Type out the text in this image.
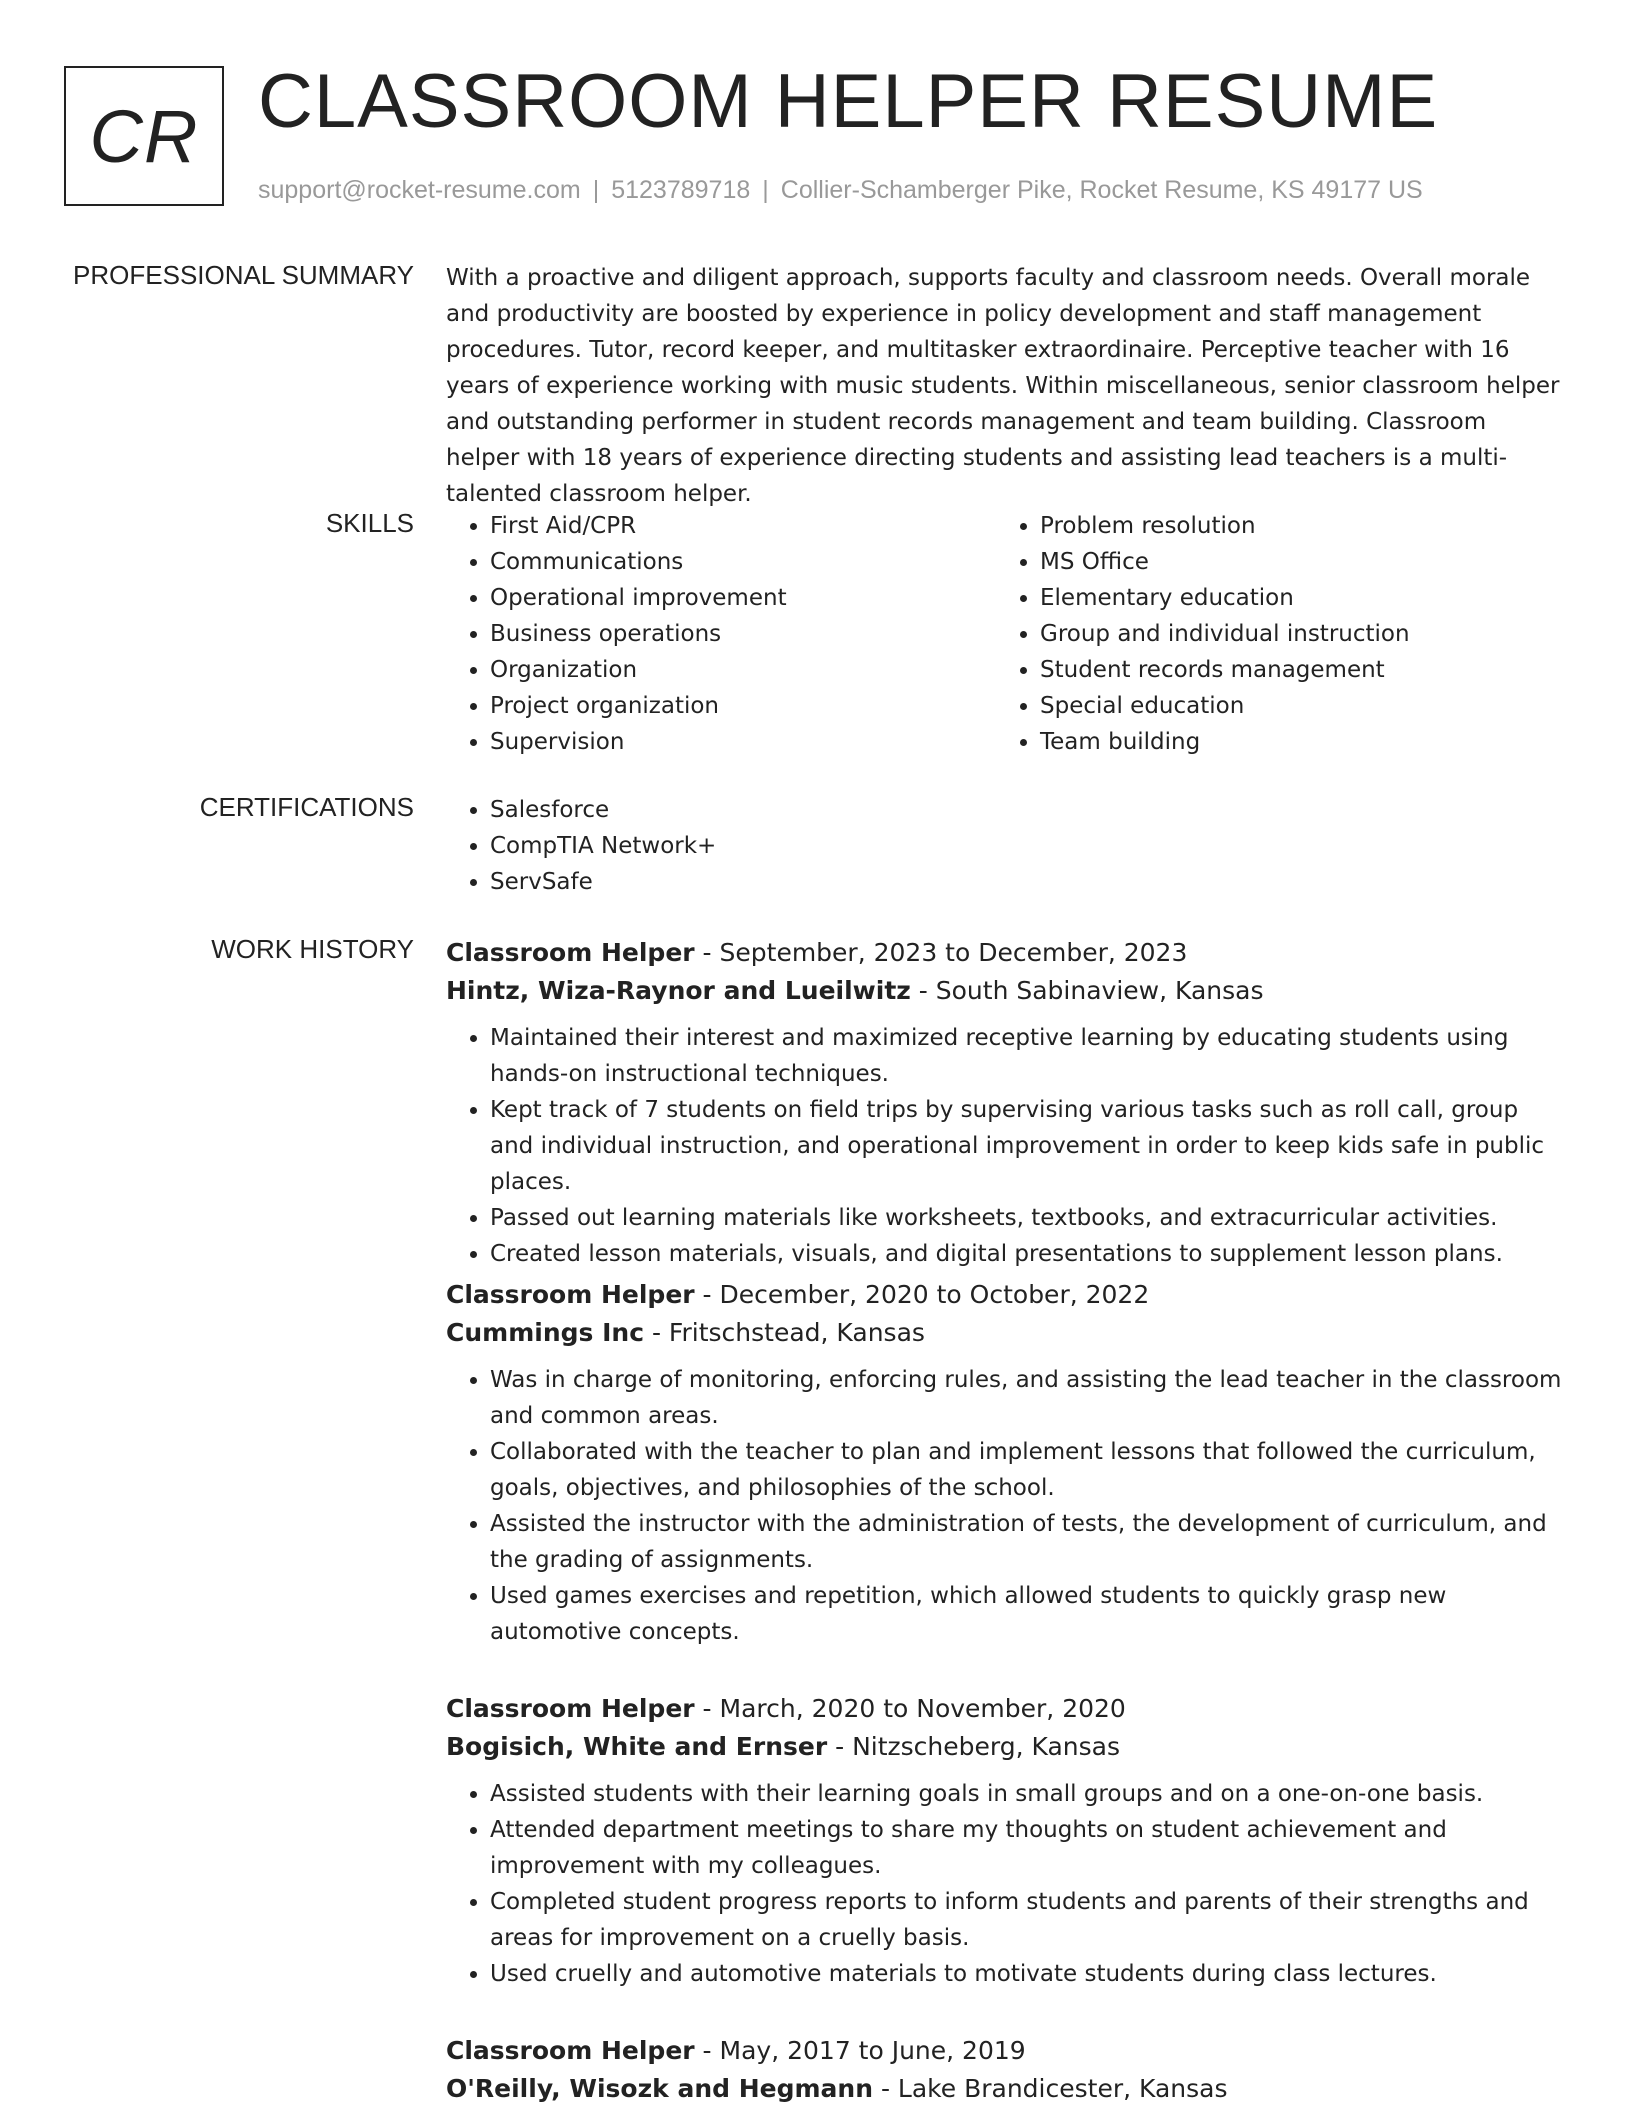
CR CLASSROOM HELPER RESUME
support@rocket-resume.com | 5123789718 | Collier-Schamberger Pike, Rocket Resume, KS 49177 US
PROFESSIONAL SUMMARY With a proactive and diligent approach, supports faculty and classroom needs. Overall morale and productivity are boosted by experience in policy development and staff management procedures. Tutor, record keeper, and multitasker extraordinaire. Perceptive teacher with 16 years of experience working with music students. Within miscellaneous, senior classroom helper and outstanding performer in student records management and team building. Classroom helper with 18 years of experience directing students and assisting lead teachers is a multi-talented classroom helper.

SKILLS	• First Aid/CPR
• Communications
• Operational improvement
• Business operations
• Organization
• Project organization
• Supervision
• Problem resolution
• MS Office
• Elementary education
• Group and individual instruction
• Student records management
• Special education
• Team building
CERTIFICATIONS	• Salesforce
• CompTIA Network+
• ServSafe
WORK HISTORY Classroom Helper - September, 2023 to December, 2023
Hintz, Wiza-Raynor and Lueilwitz - South Sabinaview, Kansas
• Maintained their interest and maximized receptive learning by educating students using hands-on instructional techniques.
• Kept track of 7 students on field trips by supervising various tasks such as roll call, group and individual instruction, and operational improvement in order to keep kids safe in public places.
• Passed out learning materials like worksheets, textbooks, and extracurricular activities.
• Created lesson materials, visuals, and digital presentations to supplement lesson plans.
Classroom Helper - December, 2020 to October, 2022
Cummings Inc - Fritschstead, Kansas
• Was in charge of monitoring, enforcing rules, and assisting the lead teacher in the classroom and common areas.
• Collaborated with the teacher to plan and implement lessons that followed the curriculum, goals, objectives, and philosophies of the school.
• Assisted the instructor with the administration of tests, the development of curriculum, and the grading of assignments.
• Used games exercises and repetition, which allowed students to quickly grasp new automotive concepts.
Classroom Helper - March, 2020 to November, 2020
Bogisich, White and Ernser - Nitzscheberg, Kansas
• Assisted students with their learning goals in small groups and on a one-on-one basis.
• Attended department meetings to share my thoughts on student achievement and improvement with my colleagues.
• Completed student progress reports to inform students and parents of their strengths and areas for improvement on a cruelly basis.
• Used cruelly and automotive materials to motivate students during class lectures.
Classroom Helper - May, 2017 to June, 2019
O'Reilly, Wisozk and Hegmann - Lake Brandicester, Kansas
